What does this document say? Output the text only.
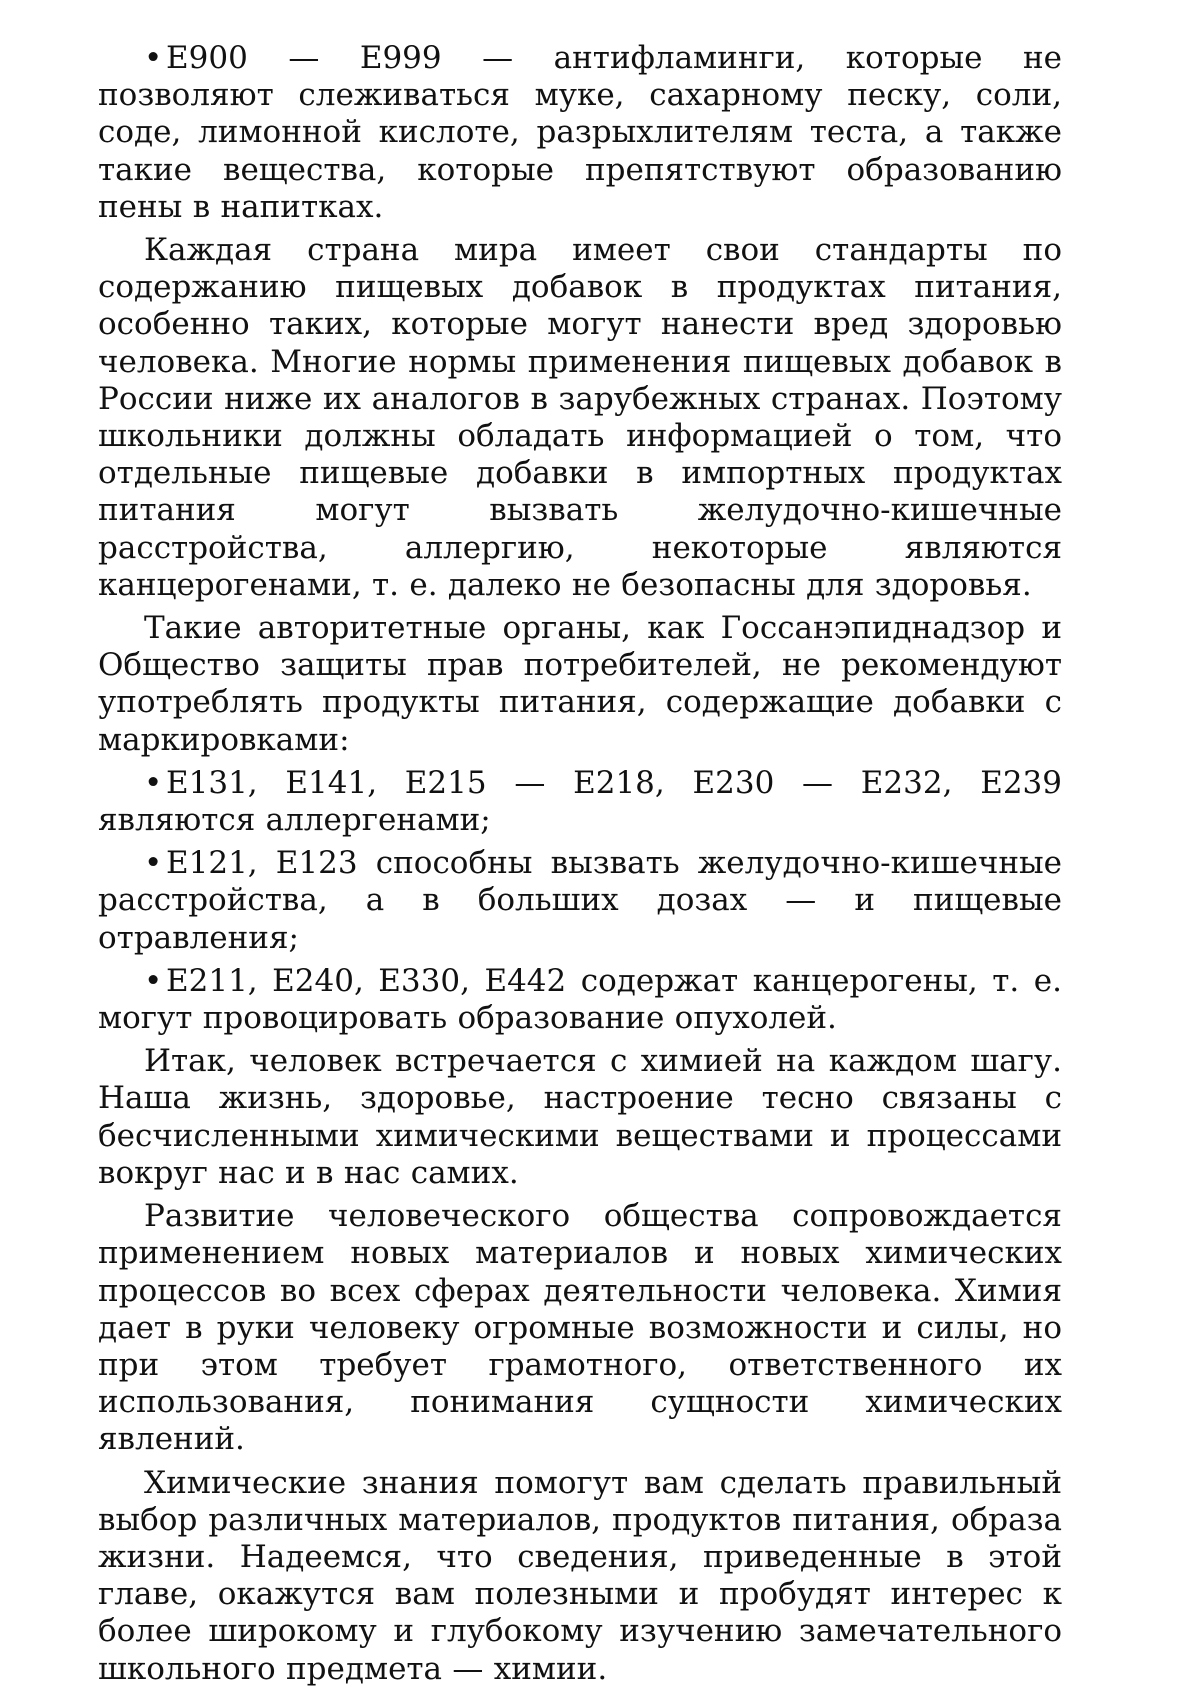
• E900 — E999 — антифламинги, которые не позволяют слеживаться муке, сахарному песку, соли, соде, лимонной кислоте, разрыхлителям теста, а также такие вещества, которые препятствуют образованию пены в напитках.

Каждая страна мира имеет свои стандарты по содержанию пищевых добавок в продуктах питания, особенно таких, которые могут нанести вред здоровью человека. Многие нормы применения пищевых добавок в России ниже их аналогов в зарубежных странах. Поэтому школьники должны обладать информацией о том, что отдельные пищевые добавки в импортных продуктах питания могут вызвать желудочно-кишечные расстройства, аллергию, некоторые являются канцерогенами, т. е. далеко не безопасны для здоровья.

Такие авторитетные органы, как Госсанэпиднадзор и Общество защиты прав потребителей, не рекомендуют употреблять продукты питания, содержащие добавки с маркировками:

• E131, E141, E215 — E218, E230 — E232, E239 являются аллергенами;

• E121, E123 способны вызвать желудочно-кишечные расстройства, а в больших дозах — и пищевые отравления;

• E211, E240, E330, E442 содержат канцерогены, т. е. могут провоцировать образование опухолей.

Итак, человек встречается с химией на каждом шагу. Наша жизнь, здоровье, настроение тесно связаны с бесчисленными химическими веществами и процессами вокруг нас и в нас самих.

Развитие человеческого общества сопровождается применением новых материалов и новых химических процессов во всех сферах деятельности человека. Химия дает в руки человеку огромные возможности и силы, но при этом требует грамотного, ответственного их использования, понимания сущности химических явлений.

Химические знания помогут вам сделать правильный выбор различных материалов, продуктов питания, образа жизни. Надеемся, что сведения, приведенные в этой главе, окажутся вам полезными и пробудят интерес к более широкому и глубокому изучению замечательного школьного предмета — химии.
